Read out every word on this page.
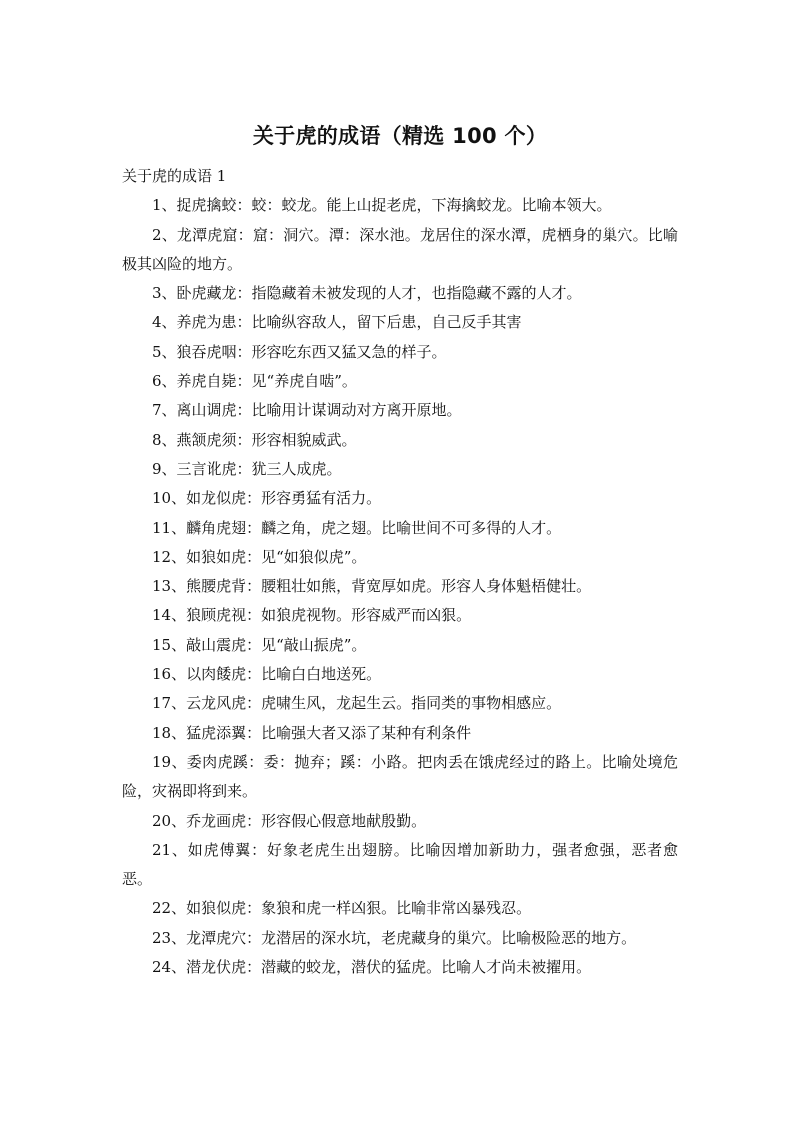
关于虎的成语（精选 100 个）

关于虎的成语 1

1、捉虎擒蛟：蛟：蛟龙。能上山捉老虎，下海擒蛟龙。比喻本领大。

2、龙潭虎窟：窟：洞穴。潭：深水池。龙居住的深水潭，虎栖身的巢穴。比喻极其凶险的地方。

3、卧虎藏龙：指隐藏着未被发现的人才，也指隐藏不露的人才。

4、养虎为患：比喻纵容敌人，留下后患，自己反手其害

5、狼吞虎咽：形容吃东西又猛又急的样子。

6、养虎自毙：见“养虎自啮”。

7、离山调虎：比喻用计谋调动对方离开原地。

8、燕颔虎须：形容相貌威武。

9、三言讹虎：犹三人成虎。

10、如龙似虎：形容勇猛有活力。

11、麟角虎翅：麟之角，虎之翅。比喻世间不可多得的人才。

12、如狼如虎：见“如狼似虎”。

13、熊腰虎背：腰粗壮如熊，背宽厚如虎。形容人身体魁梧健壮。

14、狼顾虎视：如狼虎视物。形容威严而凶狠。

15、敲山震虎：见“敲山振虎”。

16、以肉餧虎：比喻白白地送死。

17、云龙风虎：虎啸生风，龙起生云。指同类的事物相感应。

18、猛虎添翼：比喻强大者又添了某种有利条件

19、委肉虎蹊：委：抛弃；蹊：小路。把肉丢在饿虎经过的路上。比喻处境危险，灾祸即将到来。

20、乔龙画虎：形容假心假意地献殷勤。

21、如虎傅翼：好象老虎生出翅膀。比喻因增加新助力，强者愈强，恶者愈恶。

22、如狼似虎：象狼和虎一样凶狠。比喻非常凶暴残忍。

23、龙潭虎穴：龙潜居的深水坑，老虎藏身的巢穴。比喻极险恶的地方。

24、潜龙伏虎：潜藏的蛟龙，潜伏的猛虎。比喻人才尚未被擢用。
